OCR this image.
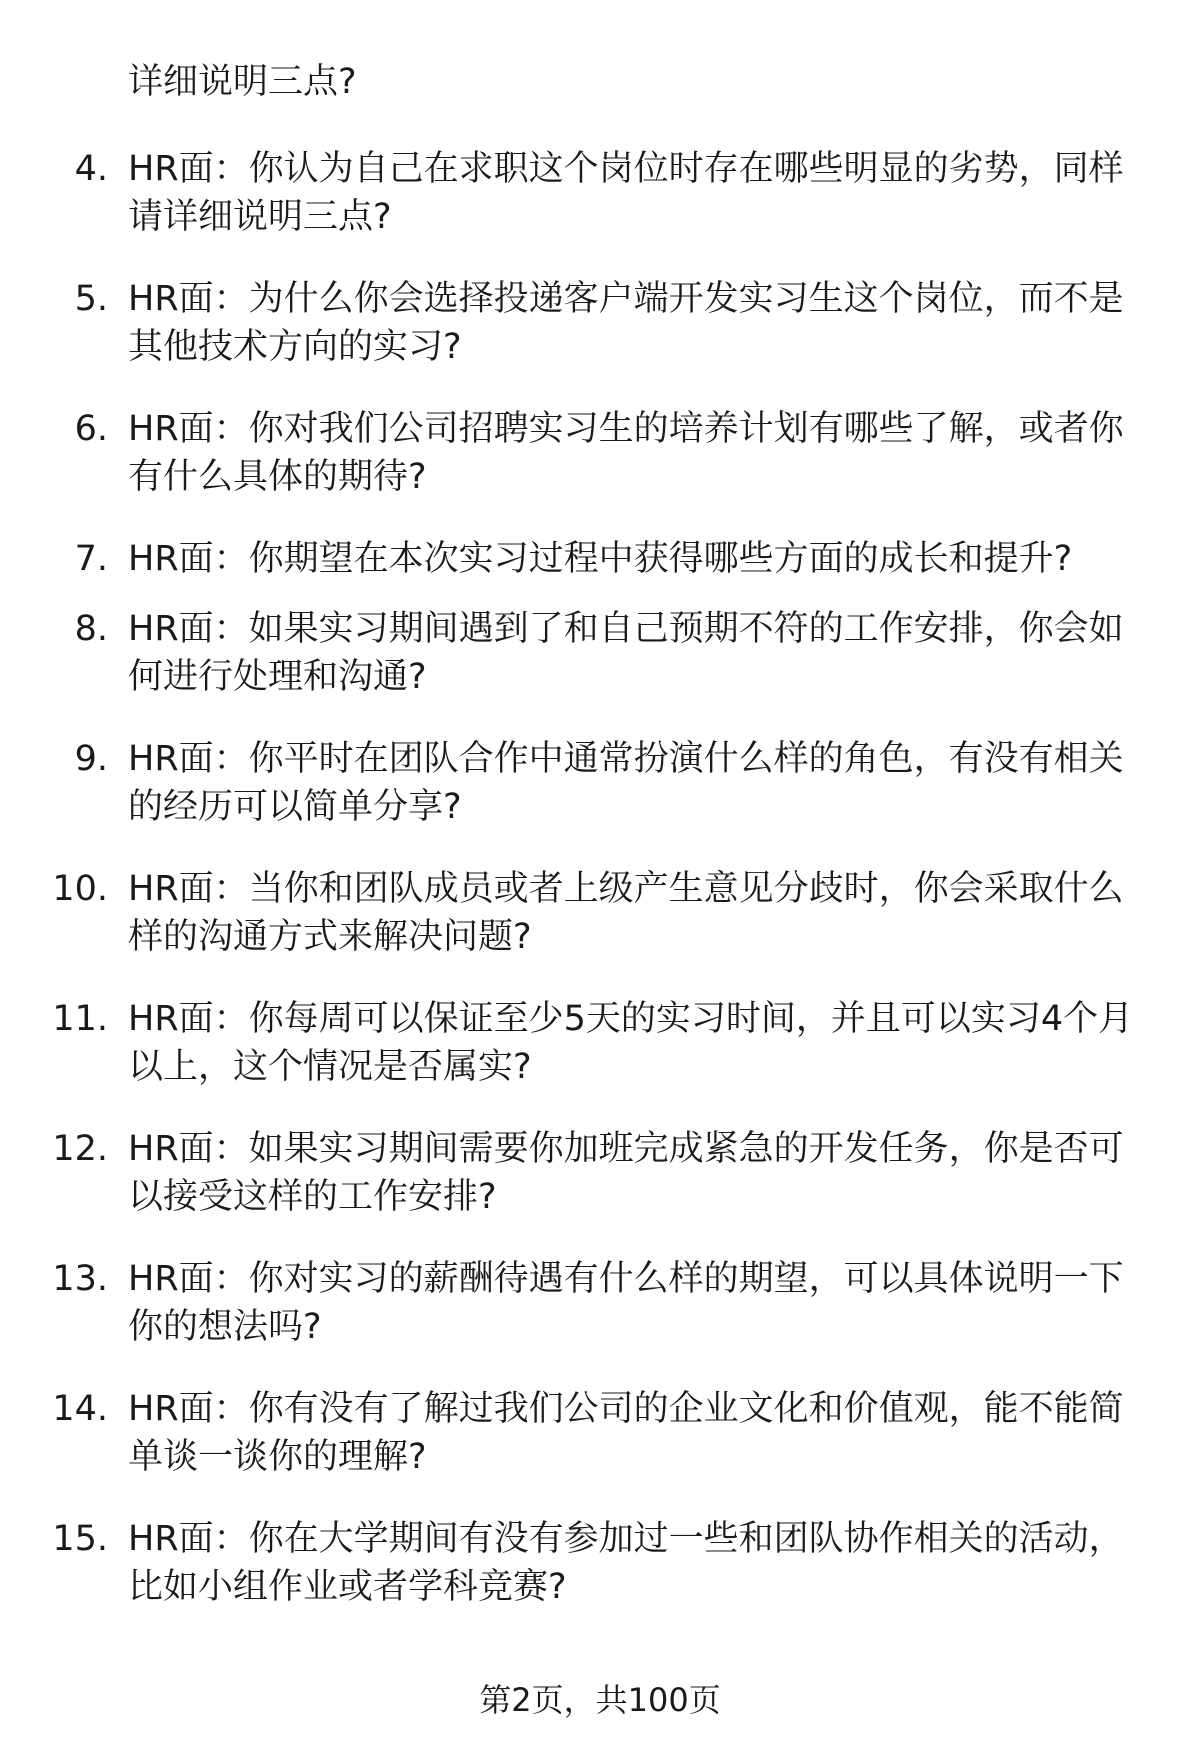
详细说明三点?
4. HR面：你认为自己在求职这个岗位时存在哪些明显的劣势，同样请详细说明三点?
5. HR面：为什么你会选择投递客户端开发实习生这个岗位，而不是其他技术方向的实习?
6. HR面：你对我们公司招聘实习生的培养计划有哪些了解，或者你有什么具体的期待?
7. HR面：你期望在本次实习过程中获得哪些方面的成长和提升?
8. HR面：如果实习期间遇到了和自己预期不符的工作安排，你会如何进行处理和沟通?
9. HR面：你平时在团队合作中通常扮演什么样的角色，有没有相关的经历可以简单分享?
10. HR面：当你和团队成员或者上级产生意见分歧时，你会采取什么样的沟通方式来解决问题?
11. HR面：你每周可以保证至少5天的实习时间，并且可以实习4个月以上，这个情况是否属实?
12. HR面：如果实习期间需要你加班完成紧急的开发任务，你是否可以接受这样的工作安排?
13. HR面：你对实习的薪酬待遇有什么样的期望，可以具体说明一下你的想法吗?
14. HR面：你有没有了解过我们公司的企业文化和价值观，能不能简单谈一谈你的理解?
15. HR面：你在大学期间有没有参加过一些和团队协作相关的活动，比如小组作业或者学科竞赛?
第2页，共100页
